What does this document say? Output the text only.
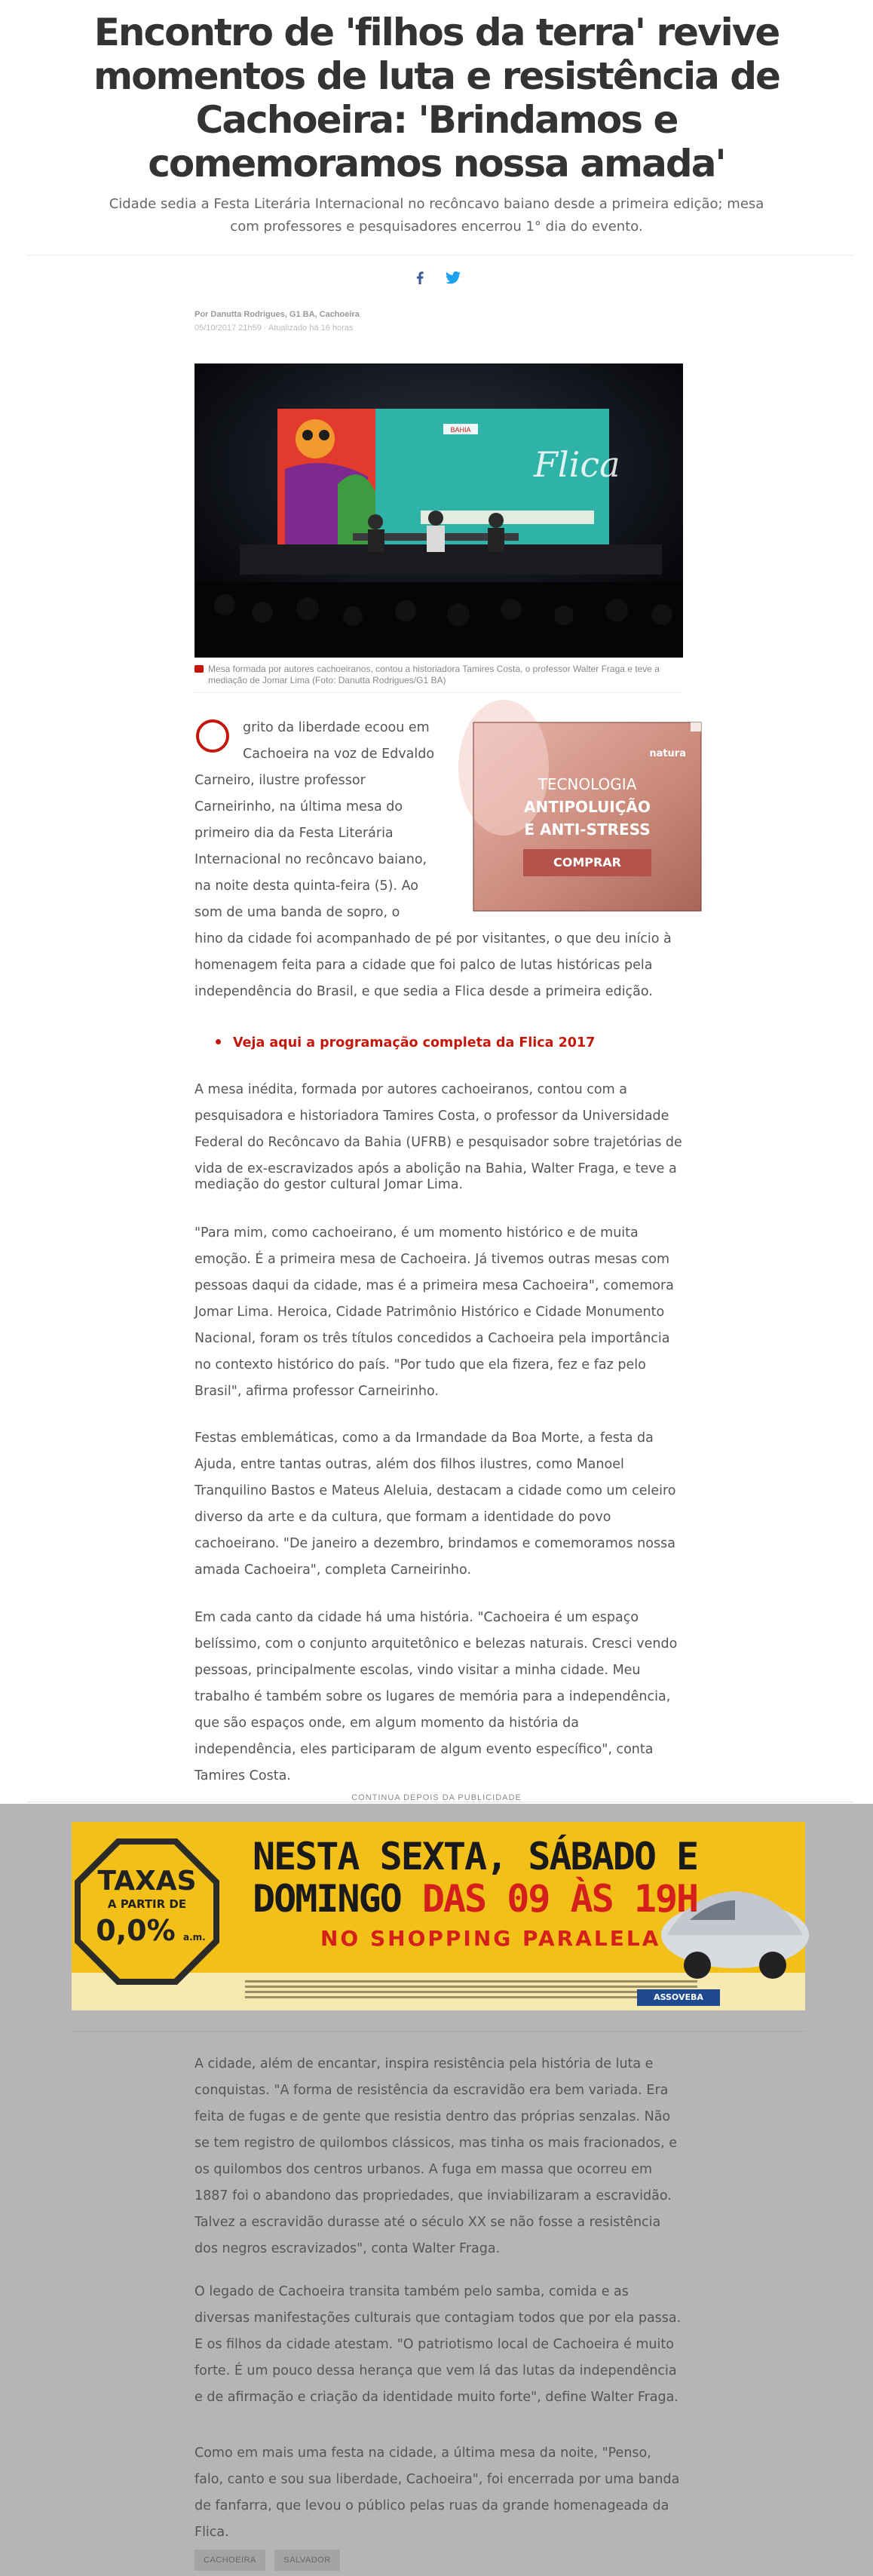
Encontro de 'filhos da terra' revive momentos de luta e resistência de Cachoeira: 'Brindamos e comemoramos nossa amada'

Cidade sedia a Festa Literária Internacional no recôncavo baiano desde a primeira edição; mesa com professores e pesquisadores encerrou 1° dia do evento.

Por Danutta Rodrigues, G1 BA, Cachoeira
05/10/2017 21h59 · Atualizado há 16 horas
BAHIA
Flica
Mesa formada por autores cachoeiranos, contou a historiadora Tamires Costa, o professor Walter Fraga e teve a mediação de Jomar Lima (Foto: Danutta Rodrigues/G1 BA)
grito da liberdade ecoou em Cachoeira na voz de Edvaldo Carneiro, ilustre professor Carneirinho, na última mesa do primeiro dia da Festa Literária Internacional no recôncavo baiano, na noite desta quinta-feira (5). Ao som de uma banda de sopro, o
natura
TECNOLOGIA
ANTIPOLUIÇÃO
E ANTI-STRESS
COMPRAR
hino da cidade foi acompanhado de pé por visitantes, o que deu início à homenagem feita para a cidade que foi palco de lutas históricas pela independência do Brasil, e que sedia a Flica desde a primeira edição.
Veja aqui a programação completa da Flica 2017
A mesa inédita, formada por autores cachoeiranos, contou com a pesquisadora e historiadora Tamires Costa, o professor da Universidade Federal do Recôncavo da Bahia (UFRB) e pesquisador sobre trajetórias de vida de ex-escravizados após a abolição na Bahia, Walter Fraga, e teve a
mediação do gestor cultural Jomar Lima.
"Para mim, como cachoeirano, é um momento histórico e de muita emoção. É a primeira mesa de Cachoeira. Já tivemos outras mesas com pessoas daqui da cidade, mas é a primeira mesa Cachoeira", comemora Jomar Lima. Heroica, Cidade Patrimônio Histórico e Cidade Monumento Nacional, foram os três títulos concedidos a Cachoeira pela importância no contexto histórico do país. "Por tudo que ela fizera, fez e faz pelo Brasil", afirma professor Carneirinho.
Festas emblemáticas, como a da Irmandade da Boa Morte, a festa da Ajuda, entre tantas outras, além dos filhos ilustres, como Manoel Tranquilino Bastos e Mateus Aleluia, destacam a cidade como um celeiro diverso da arte e da cultura, que formam a identidade do povo cachoeirano. "De janeiro a dezembro, brindamos e comemoramos nossa amada Cachoeira", completa Carneirinho.
Em cada canto da cidade há uma história. "Cachoeira é um espaço belíssimo, com o conjunto arquitetônico e belezas naturais. Cresci vendo pessoas, principalmente escolas, vindo visitar a minha cidade. Meu trabalho é também sobre os lugares de memória para a independência, que são espaços onde, em algum momento da história da independência, eles participaram de algum evento específico", conta Tamires Costa.
CONTINUA DEPOIS DA PUBLICIDADE
TAXAS
A PARTIR DE
0,0% a.m.
NESTA SEXTA, SÁBADO E
DOMINGO DAS 09 ÀS 19H
NO SHOPPING PARALELA
ASSOVEBA
A cidade, além de encantar, inspira resistência pela história de luta e conquistas. "A forma de resistência da escravidão era bem variada. Era feita de fugas e de gente que resistia dentro das próprias senzalas. Não se tem registro de quilombos clássicos, mas tinha os mais fracionados, e os quilombos dos centros urbanos. A fuga em massa que ocorreu em 1887 foi o abandono das propriedades, que inviabilizaram a escravidão. Talvez a escravidão durasse até o século XX se não fosse a resistência dos negros escravizados", conta Walter Fraga.
O legado de Cachoeira transita também pelo samba, comida e as diversas manifestações culturais que contagiam todos que por ela passa. E os filhos da cidade atestam. "O patriotismo local de Cachoeira é muito forte. É um pouco dessa herança que vem lá das lutas da independência e de afirmação e criação da identidade muito forte", define Walter Fraga.
Como em mais uma festa na cidade, a última mesa da noite, "Penso, falo, canto e sou sua liberdade, Cachoeira", foi encerrada por uma banda de fanfarra, que levou o público pelas ruas da grande homenageada da Flica.
CACHOEIRA	SALVADOR
